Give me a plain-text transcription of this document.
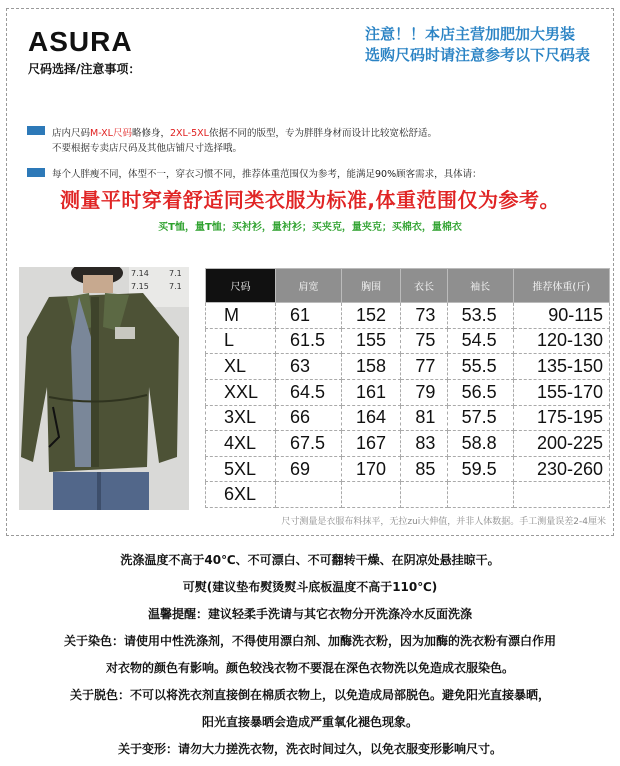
ASURA
尺码选择/注意事项：
注意！！本店主营加肥加大男装
选购尺码时请注意参考以下尺码表
店内尺码M-XL尺码略修身，2XL-5XL依据不同的版型，专为胖胖身材而设计比较宽松舒适。
不要根据专卖店尺码及其他店铺尺寸选择哦。
每个人胖瘦不同，体型不一，穿衣习惯不同，推荐体重范围仅为参考，能满足90%顾客需求，具体请：
测量平时穿着舒适同类衣服为标准,体重范围仅为参考。
买T恤，量T恤；买衬衫，量衬衫；买夹克，量夹克；买棉衣，量棉衣
7.14	7.1
7.15	7.1	尺码	肩宽	胸围	衣长	袖长	推荐体重(斤)
M	61	152	73	53.5	90-115
L	61.5	155	75	54.5	120-130
XL	63	158	77	55.5	135-150
XXL	64.5	161	79	56.5	155-170
3XL	66	164	81	57.5	175-195
4XL	67.5	167	83	58.8	200-225
5XL	69	170	85	59.5	230-260
6XL					
尺寸测量是衣服布料抹平，无拉zui大伸值，并非人体数据。手工测量误差2-4厘米
洗涤温度不高于40℃、不可漂白、不可翻转干燥、在阴凉处悬挂晾干。
可熨(建议垫布熨烫熨斗底板温度不高于110℃)
温馨提醒：建议轻柔手洗请与其它衣物分开洗涤冷水反面洗涤
关于染色：请使用中性洗涤剂，不得使用漂白剂、加酶洗衣粉，因为加酶的洗衣粉有漂白作用
对衣物的颜色有影响。颜色较浅衣物不要混在深色衣物洗以免造成衣服染色。
关于脱色：不可以将洗衣剂直接倒在棉质衣物上，以免造成局部脱色。避免阳光直接暴晒，
阳光直接暴晒会造成严重氧化褪色现象。
关于变形：请勿大力搓洗衣物，洗衣时间过久，以免衣服变形影响尺寸。
